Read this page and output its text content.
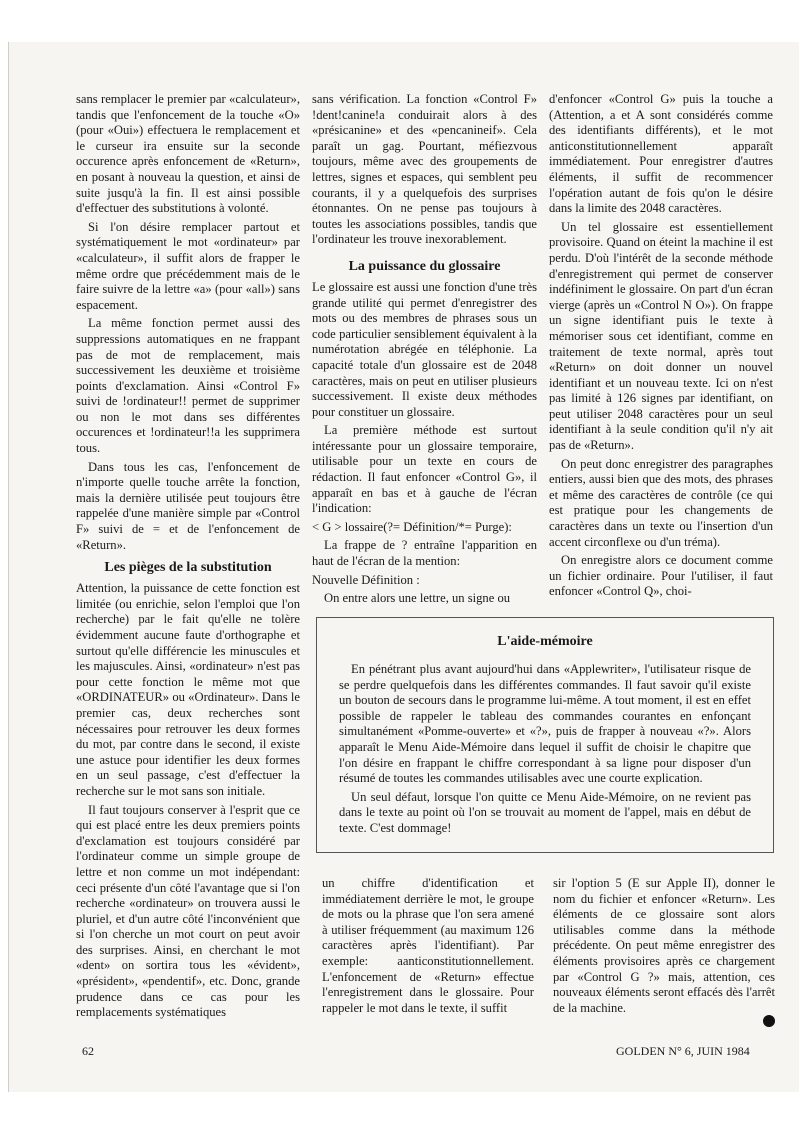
sans remplacer le premier par «calculateur», tandis que l'enfoncement de la touche «O» (pour «Oui») effectuera le remplacement et le curseur ira ensuite sur la seconde occurence après enfoncement de «Return», en posant à nouveau la question, et ainsi de suite jusqu'à la fin. Il est ainsi possible d'effectuer des substitutions à volonté.

Si l'on désire remplacer partout et systématiquement le mot «ordinateur» par «calculateur», il suffit alors de frapper le même ordre que précédemment mais de le faire suivre de la lettre «a» (pour «all») sans espacement.

La même fonction permet aussi des suppressions automatiques en ne frappant pas de mot de remplacement, mais successivement les deuxième et troisième points d'exclamation. Ainsi «Control F» suivi de !ordinateur!! permet de supprimer ou non le mot dans ses différentes occurences et !ordinateur!!a les supprimera tous.

Dans tous les cas, l'enfoncement de n'importe quelle touche arrête la fonction, mais la dernière utilisée peut toujours être rappelée d'une manière simple par «Control F» suivi de = et de l'enfoncement de «Return».

Les pièges de la substitution

Attention, la puissance de cette fonction est limitée (ou enrichie, selon l'emploi que l'on recherche) par le fait qu'elle ne tolère évidemment aucune faute d'orthographe et surtout qu'elle différencie les minuscules et les majuscules. Ainsi, «ordinateur» n'est pas pour cette fonction le même mot que «ORDINATEUR» ou «Ordinateur». Dans le premier cas, deux recherches sont nécessaires pour retrouver les deux formes du mot, par contre dans le second, il existe une astuce pour identifier les deux formes en un seul passage, c'est d'effectuer la recherche sur le mot sans son initiale.

Il faut toujours conserver à l'esprit que ce qui est placé entre les deux premiers points d'exclamation est toujours considéré par l'ordinateur comme un simple groupe de lettre et non comme un mot indépendant: ceci présente d'un côté l'avantage que si l'on recherche «ordinateur» on trouvera aussi le pluriel, et d'un autre côté l'inconvénient que si l'on cherche un mot court on peut avoir des surprises. Ainsi, en cherchant le mot «dent» on sortira tous les «évident», «président», «pendentif», etc. Donc, grande prudence dans ce cas pour les remplacements systématiques

sans vérification. La fonction «Control F» !dent!canine!a conduirait alors à des «présicanine» et des «pencanineif». Cela paraît un gag. Pourtant, méfiezvous toujours, même avec des groupements de lettres, signes et espaces, qui semblent peu courants, il y a quelquefois des surprises étonnantes. On ne pense pas toujours à toutes les associations possibles, tandis que l'ordinateur les trouve inexorablement.

La puissance du glossaire

Le glossaire est aussi une fonction d'une très grande utilité qui permet d'enregistrer des mots ou des membres de phrases sous un code particulier sensiblement équivalent à la numérotation abrégée en téléphonie. La capacité totale d'un glossaire est de 2048 caractères, mais on peut en utiliser plusieurs successivement. Il existe deux méthodes pour constituer un glossaire.

La première méthode est surtout intéressante pour un glossaire temporaire, utilisable pour un texte en cours de rédaction. Il faut enfoncer «Control G», il apparaît en bas et à gauche de l'écran l'indication:

< G > lossaire(?= Définition/*= Purge):

La frappe de ? entraîne l'apparition en haut de l'écran de la mention:

Nouvelle Définition :

On entre alors une lettre, un signe ou

d'enfoncer «Control G» puis la touche a (Attention, a et A sont considérés comme des identifiants différents), et le mot anticonstitutionnellement apparaît immédiatement. Pour enregistrer d'autres éléments, il suffit de recommencer l'opération autant de fois qu'on le désire dans la limite des 2048 caractères.

Un tel glossaire est essentiellement provisoire. Quand on éteint la machine il est perdu. D'où l'intérêt de la seconde méthode d'enregistrement qui permet de conserver indéfiniment le glossaire. On part d'un écran vierge (après un «Control N O»). On frappe un signe identifiant puis le texte à mémoriser sous cet identifiant, comme en traitement de texte normal, après tout «Return» on doit donner un nouvel identifiant et un nouveau texte. Ici on n'est pas limité à 126 signes par identifiant, on peut utiliser 2048 caractères pour un seul identifiant à la seule condition qu'il n'y ait pas de «Return».

On peut donc enregistrer des paragraphes entiers, aussi bien que des mots, des phrases et même des caractères de contrôle (ce qui est pratique pour les changements de caractères dans un texte ou l'insertion d'un accent circonflexe ou d'un tréma).

On enregistre alors ce document comme un fichier ordinaire. Pour l'utiliser, il faut enfoncer «Control Q», choi-

L'aide-mémoire

En pénétrant plus avant aujourd'hui dans «Applewriter», l'utilisateur risque de se perdre quelquefois dans les différentes commandes. Il faut savoir qu'il existe un bouton de secours dans le programme lui-même. A tout moment, il est en effet possible de rappeler le tableau des commandes courantes en enfonçant simultanément «Pomme-ouverte» et «?», puis de frapper à nouveau «?». Alors apparaît le Menu Aide-Mémoire dans lequel il suffit de choisir le chapitre que l'on désire en frappant le chiffre correspondant à sa ligne pour disposer d'un résumé de toutes les commandes utilisables avec une courte explication.

Un seul défaut, lorsque l'on quitte ce Menu Aide-Mémoire, on ne revient pas dans le texte au point où l'on se trouvait au moment de l'appel, mais en début de texte. C'est dommage!

un chiffre d'identification et immédiatement derrière le mot, le groupe de mots ou la phrase que l'on sera amené à utiliser fréquemment (au maximum 126 caractères après l'identifiant). Par exemple: aanticonstitutionnellement. L'enfoncement de «Return» effectue l'enregistrement dans le glossaire. Pour rappeler le mot dans le texte, il suffit

sir l'option 5 (E sur Apple II), donner le nom du fichier et enfoncer «Return». Les éléments de ce glossaire sont alors utilisables comme dans la méthode précédente. On peut même enregistrer des éléments provisoires après ce chargement par «Control G ?» mais, attention, ces nouveaux éléments seront effacés dès l'arrêt de la machine.

62	GOLDEN N° 6, JUIN 1984
